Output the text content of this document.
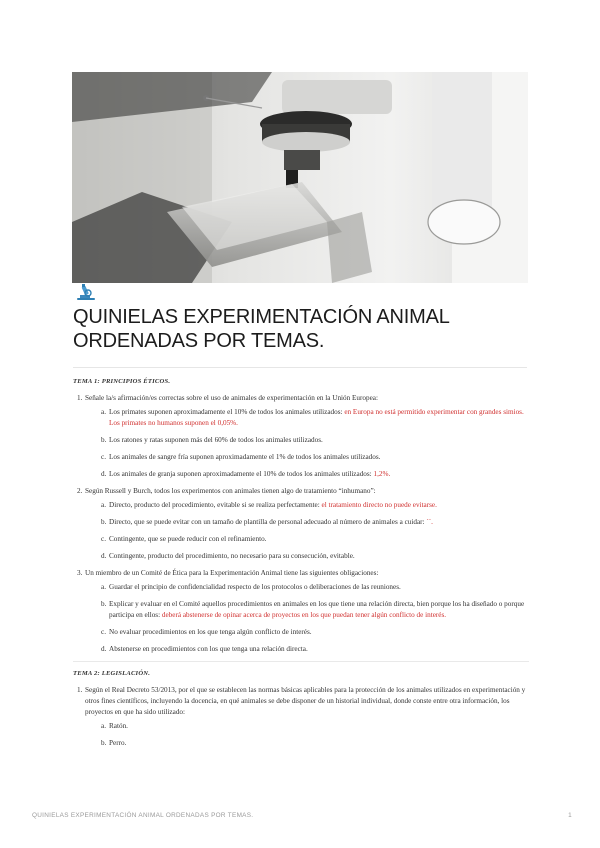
QUINIELAS EXPERIMENTACIÓN ANIMAL
ORDENADAS POR TEMAS.
TEMA 1: PRINCIPIOS ÉTICOS.
1. Señale la/s afirmación/es correctas sobre el uso de animales de experimentación en la Unión Europea:
a. Los primates suponen aproximadamente el 10% de todos los animales utilizados: en Europa no está permitido experimentar con grandes simios. Los primates no humanos suponen el 0,05%.
b. Los ratones y ratas suponen más del 60% de todos los animales utilizados.
c. Los animales de sangre fría suponen aproximadamente el 1% de todos los animales utilizados.
d. Los animales de granja suponen aproximadamente el 10% de todos los animales utilizados: 1,2%.
2. Según Russell y Burch, todos los experimentos con animales tienen algo de tratamiento “inhumano”:
a. Directo, producto del procedimiento, evitable si se realiza perfectamente: el tratamiento directo no puede evitarse.
b. Directo, que se puede evitar con un tamaño de plantilla de personal adecuado al número de animales a cuidar: ´´.
c. Contingente, que se puede reducir con el refinamiento.
d. Contingente, producto del procedimiento, no necesario para su consecución, evitable.
3. Un miembro de un Comité de Ética para la Experimentación Animal tiene las siguientes obligaciones:
a. Guardar el principio de confidencialidad respecto de los protocolos o deliberaciones de las reuniones.
b. Explicar y evaluar en el Comité aquellos procedimientos en animales en los que tiene una relación directa, bien porque los ha diseñado o porque participa en ellos: deberá abstenerse de opinar acerca de proyectos en los que puedan tener algún conflicto de interés.
c. No evaluar procedimientos en los que tenga algún conflicto de interés.
d. Abstenerse en procedimientos con los que tenga una relación directa.
TEMA 2: LEGISLACIÓN.
1. Según el Real Decreto 53/2013, por el que se establecen las normas básicas aplicables para la protección de los animales utilizados en experimentación y otros fines científicos, incluyendo la docencia, en qué animales se debe disponer de un historial individual, donde conste entre otra información, los proyectos en que ha sido utilizado:
a. Ratón.
b. Perro.
QUINIELAS EXPERIMENTACIÓN ANIMAL ORDENADAS POR TEMAS.	1
